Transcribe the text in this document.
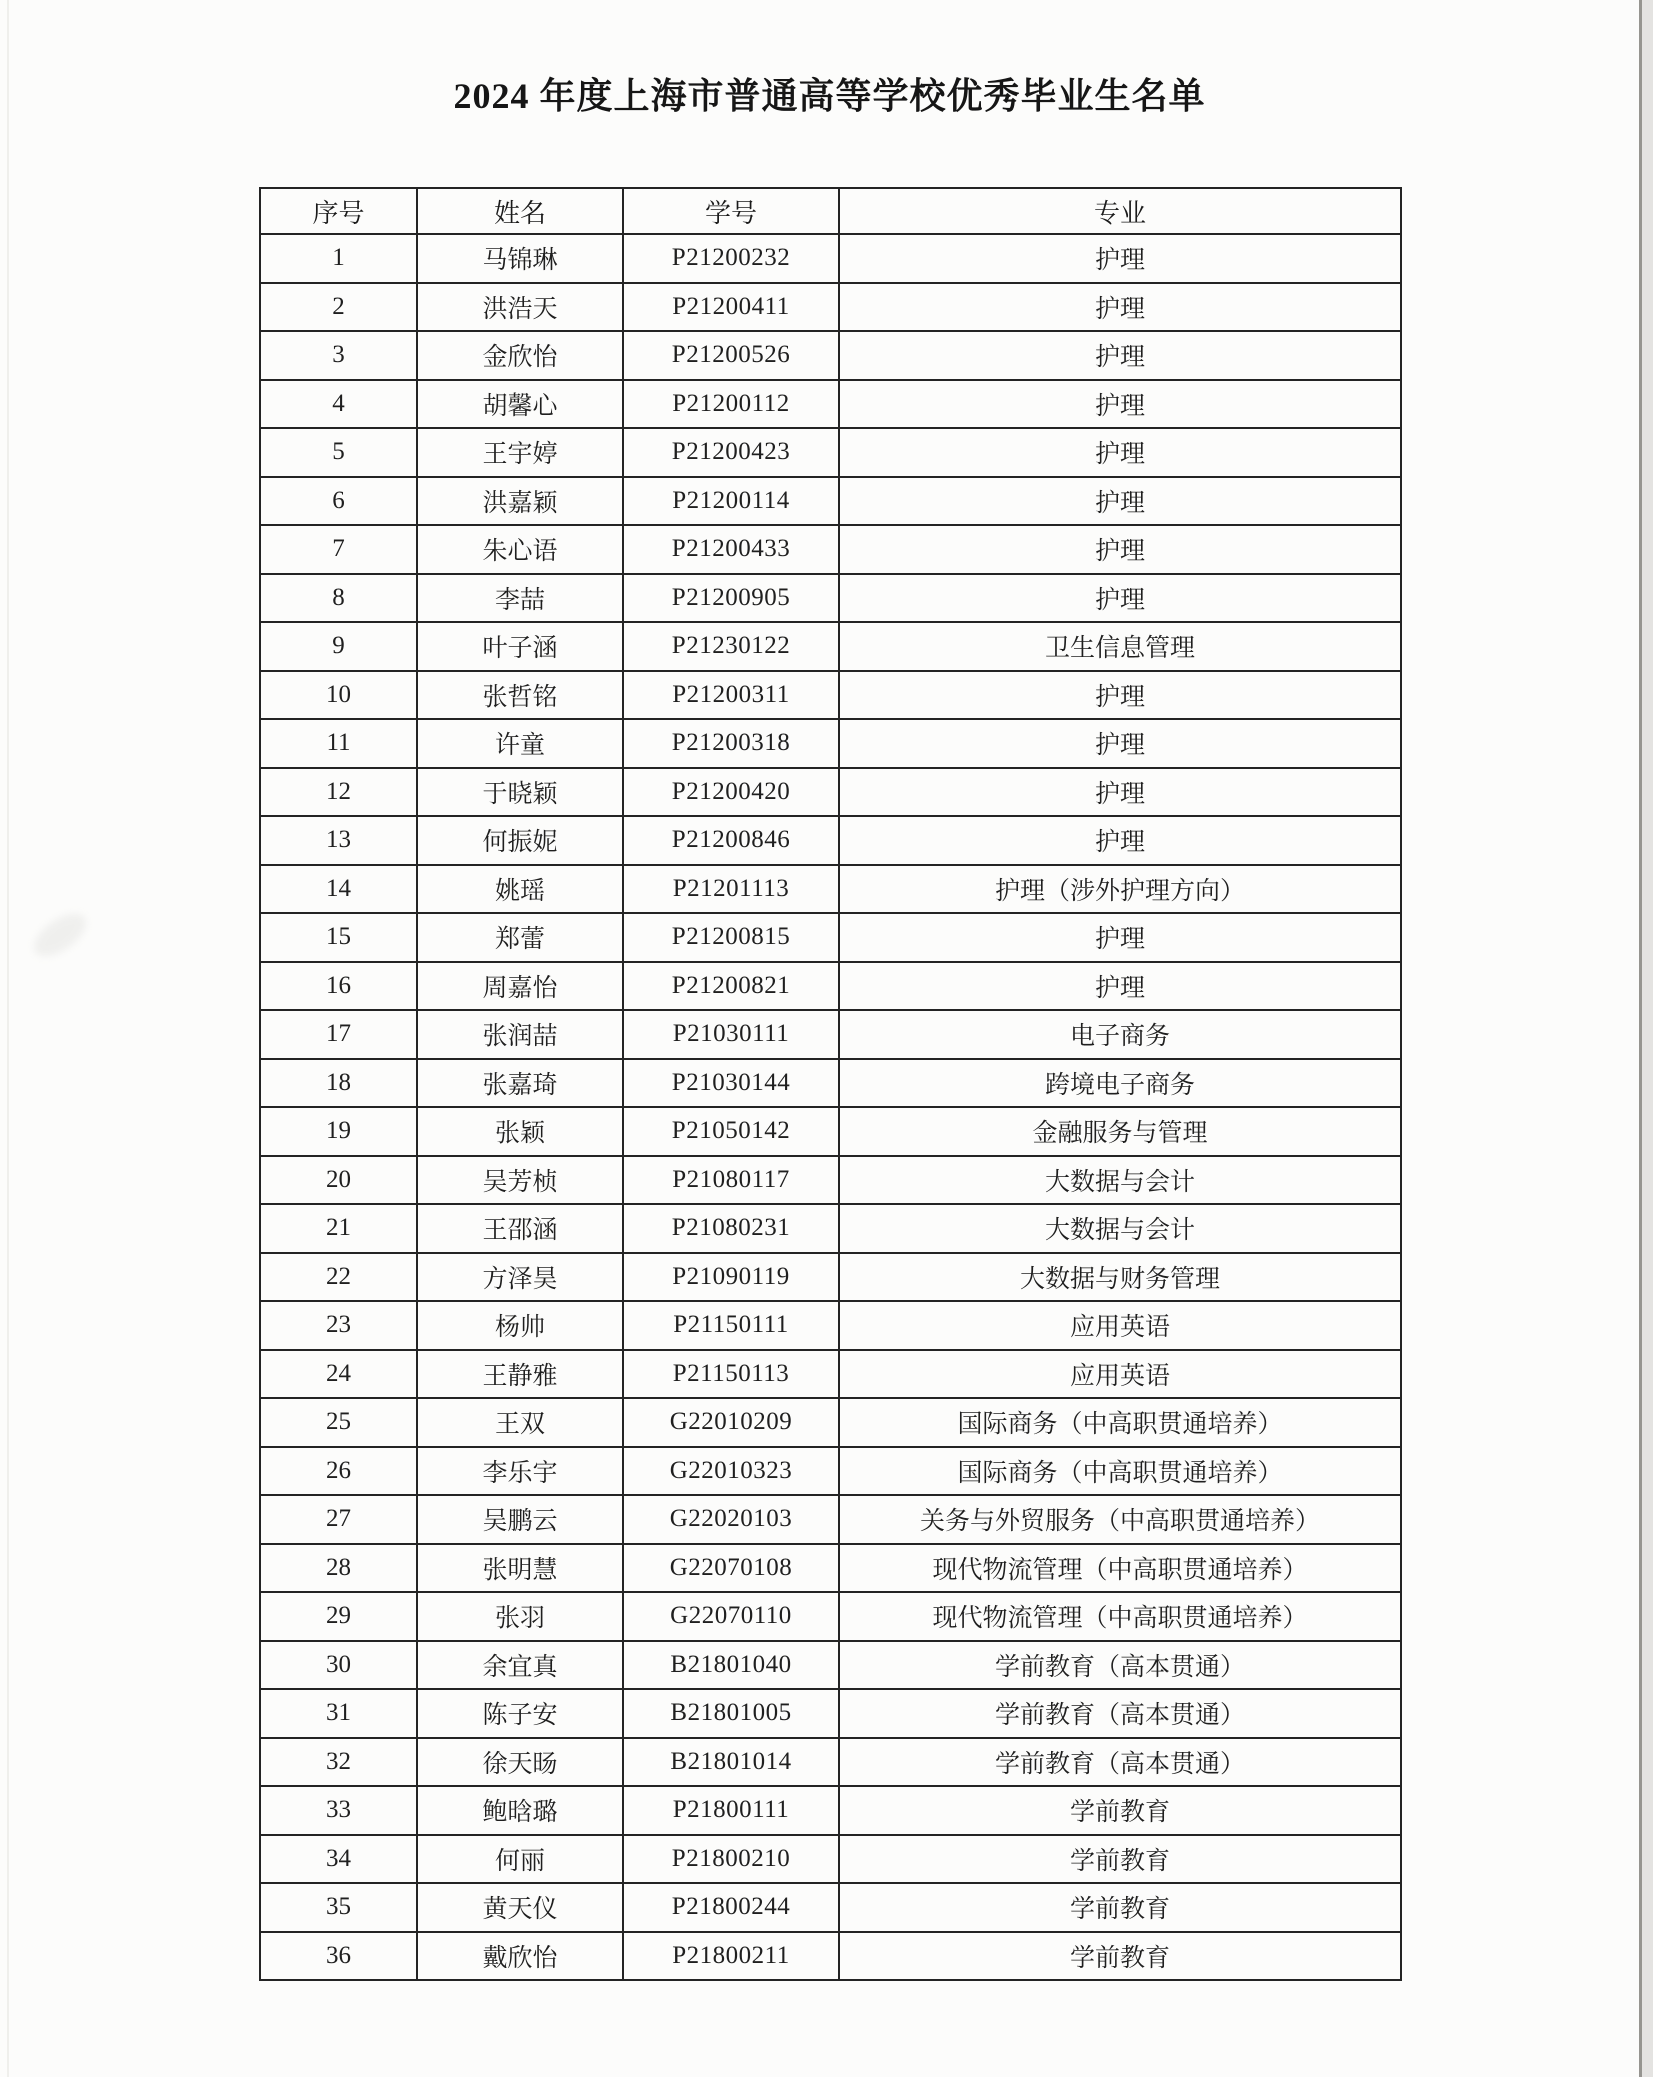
2024 年度上海市普通高等学校优秀毕业生名单
序号	姓名	学号	专业
1	马锦琳	P21200232	护理
2	洪浩天	P21200411	护理
3	金欣怡	P21200526	护理
4	胡馨心	P21200112	护理
5	王宇婷	P21200423	护理
6	洪嘉颖	P21200114	护理
7	朱心语	P21200433	护理
8	李喆	P21200905	护理
9	叶子涵	P21230122	卫生信息管理
10	张哲铭	P21200311	护理
11	许童	P21200318	护理
12	于晓颖	P21200420	护理
13	何振妮	P21200846	护理
14	姚瑶	P21201113	护理（涉外护理方向）
15	郑蕾	P21200815	护理
16	周嘉怡	P21200821	护理
17	张润喆	P21030111	电子商务
18	张嘉琦	P21030144	跨境电子商务
19	张颖	P21050142	金融服务与管理
20	吴芳桢	P21080117	大数据与会计
21	王邵涵	P21080231	大数据与会计
22	方泽昊	P21090119	大数据与财务管理
23	杨帅	P21150111	应用英语
24	王静雅	P21150113	应用英语
25	王双	G22010209	国际商务（中高职贯通培养）
26	李乐宇	G22010323	国际商务（中高职贯通培养）
27	吴鹏云	G22020103	关务与外贸服务（中高职贯通培养）
28	张明慧	G22070108	现代物流管理（中高职贯通培养）
29	张羽	G22070110	现代物流管理（中高职贯通培养）
30	余宜真	B21801040	学前教育（高本贯通）
31	陈子安	B21801005	学前教育（高本贯通）
32	徐天旸	B21801014	学前教育（高本贯通）
33	鲍晗璐	P21800111	学前教育
34	何丽	P21800210	学前教育
35	黄天仪	P21800244	学前教育
36	戴欣怡	P21800211	学前教育
